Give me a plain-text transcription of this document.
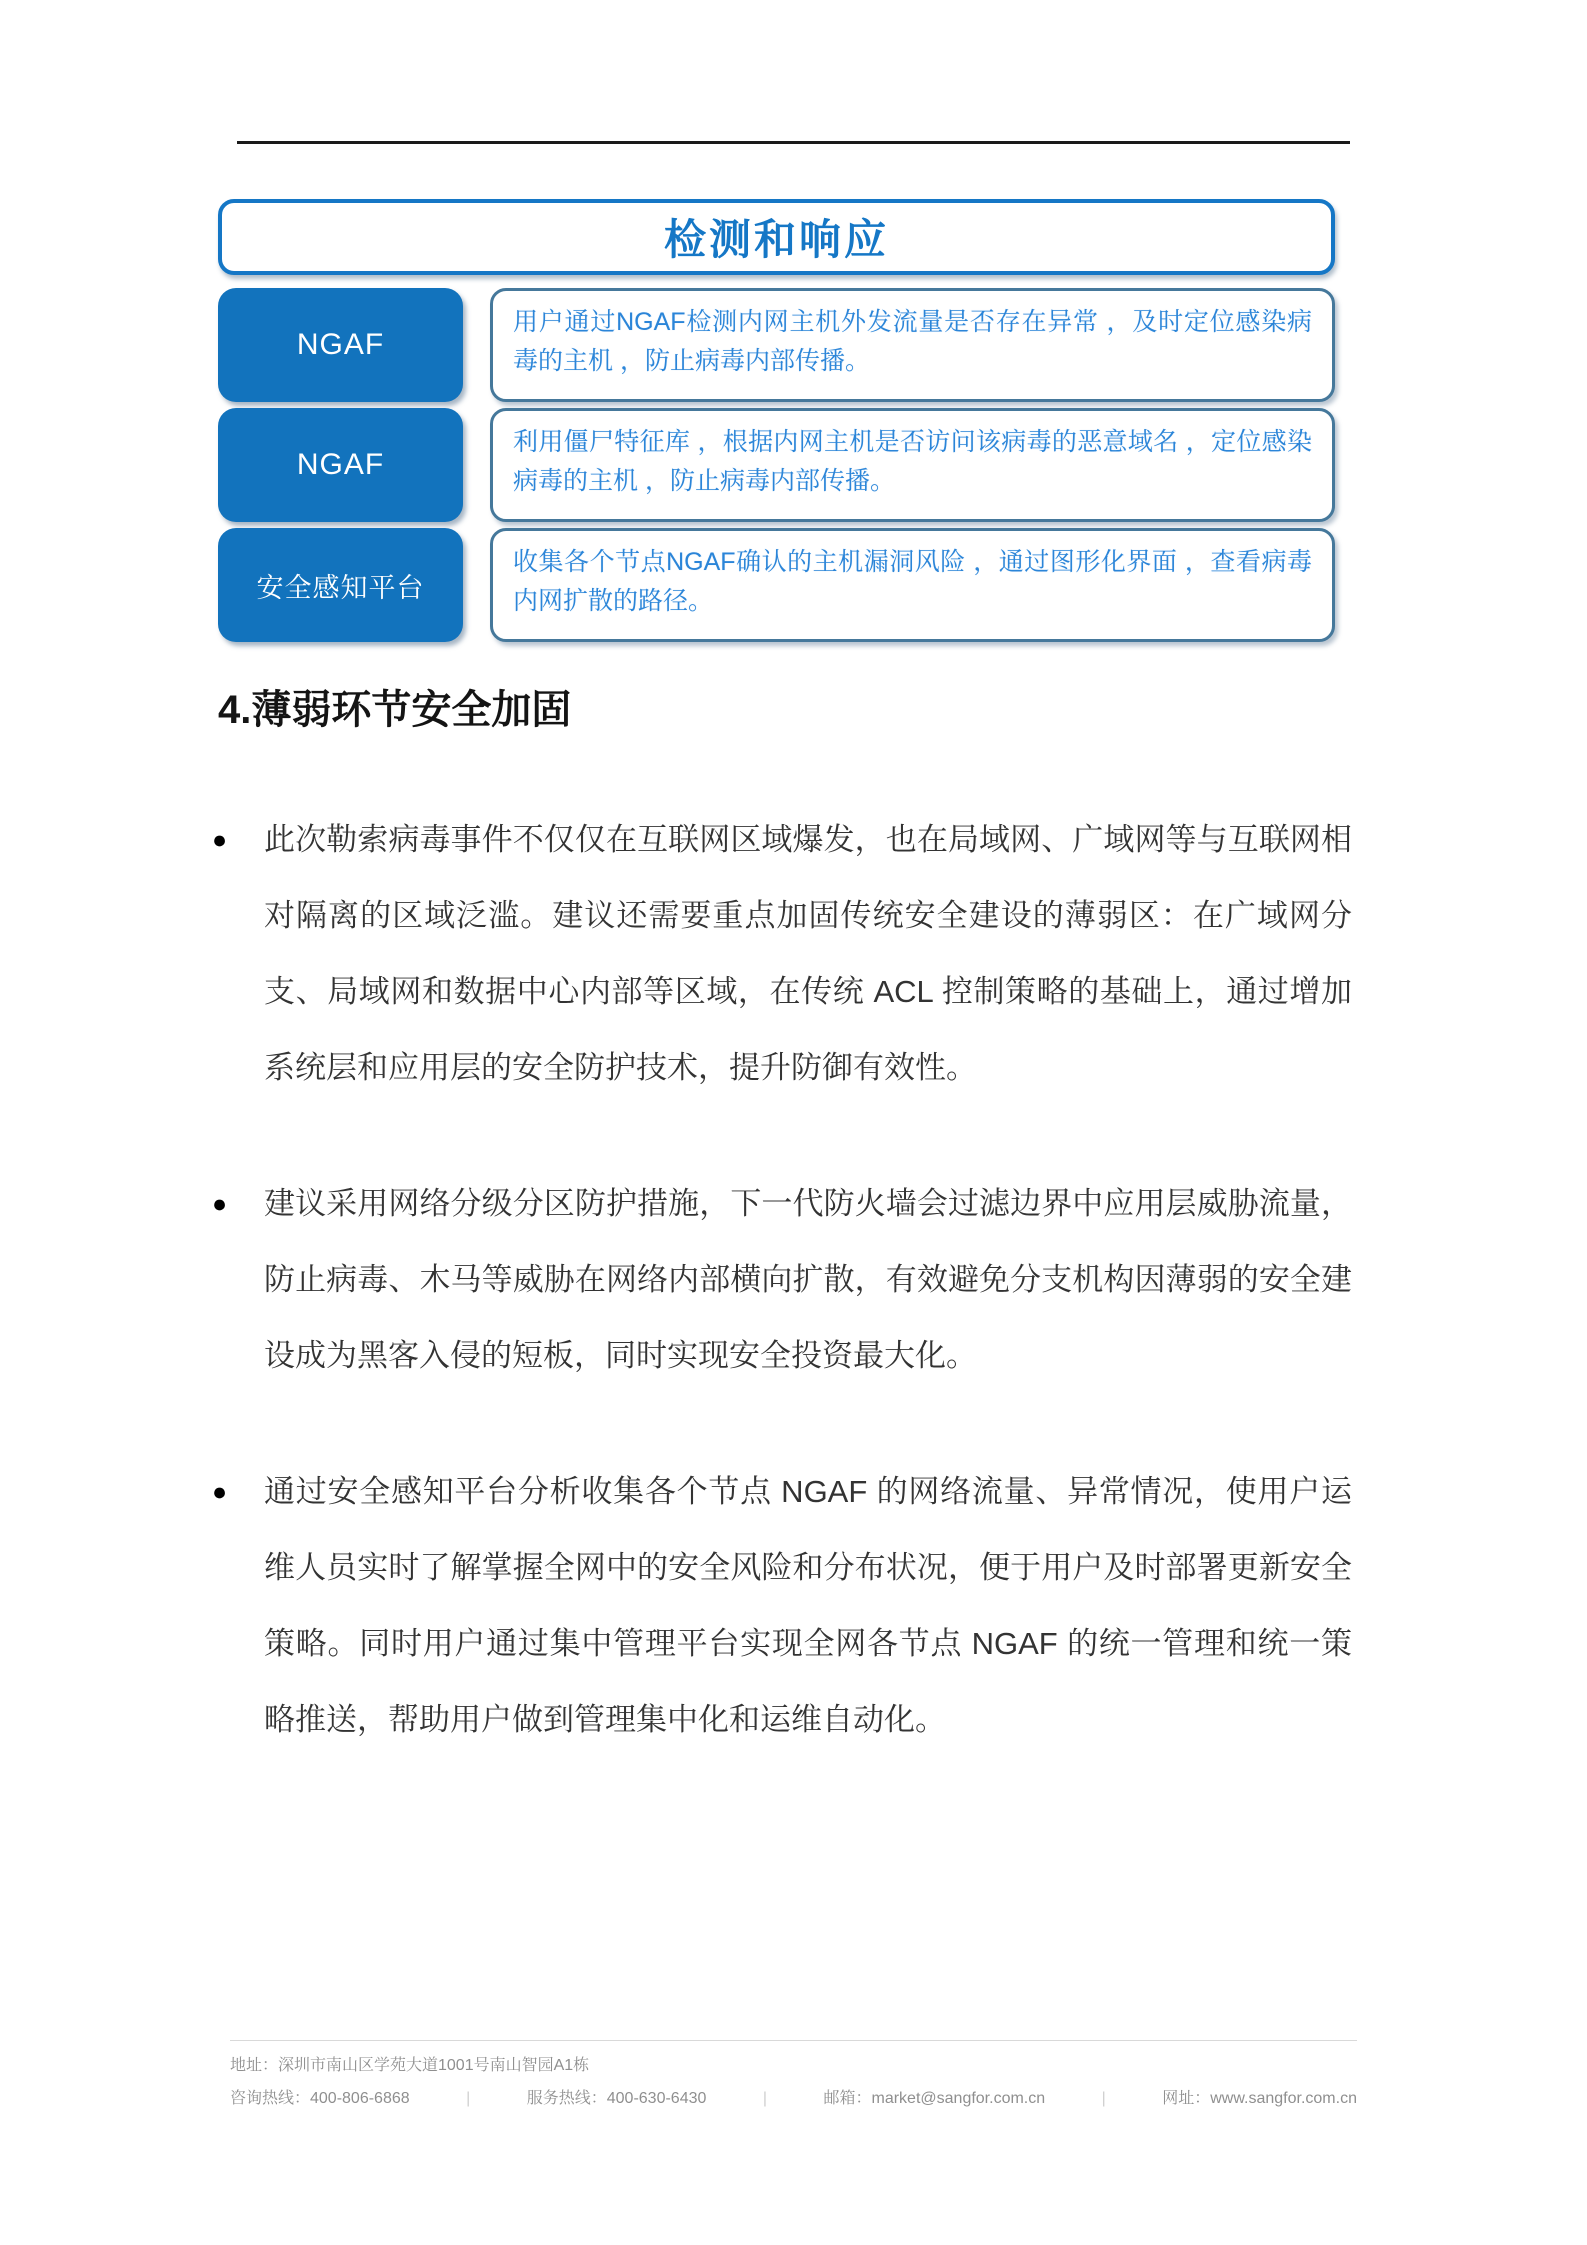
检测和响应
NGAF
用户通过NGAF检测内网主机外发流量是否存在异常 ，及时定位感染病毒的主机 ，防止病毒内部传播。
NGAF
利用僵尸特征库 ，根据内网主机是否访问该病毒的恶意域名 ，定位感染病毒的主机 ，防止病毒内部传播。
安全感知平台
收集各个节点NGAF确认的主机漏洞风险 ，通过图形化界面 ，查看病毒内网扩散的路径。
4.薄弱环节安全加固
●	此次勒索病毒事件不仅仅在互联网区域爆发，也在局域网、广域网等与互联网相对隔离的区域泛滥。建议还需要重点加固传统安全建设的薄弱区：在广域网分支、局域网和数据中心内部等区域，在传统 ACL 控制策略的基础上，通过增加系统层和应用层的安全防护技术，提升防御有效性。
●	建议采用网络分级分区防护措施，下一代防火墙会过滤边界中应用层威胁流量，防止病毒、木马等威胁在网络内部横向扩散，有效避免分支机构因薄弱的安全建设成为黑客入侵的短板，同时实现安全投资最大化。
●	通过安全感知平台分析收集各个节点 NGAF 的网络流量、异常情况，使用户运维人员实时了解掌握全网中的安全风险和分布状况，便于用户及时部署更新安全策略。同时用户通过集中管理平台实现全网各节点 NGAF 的统一管理和统一策略推送，帮助用户做到管理集中化和运维自动化。
地址：深圳市南山区学苑大道1001号南山智园A1栋
咨询热线：400-806-6868	|	服务热线：400-630-6430	|	邮箱：market@sangfor.com.cn	|	网址：www.sangfor.com.cn
